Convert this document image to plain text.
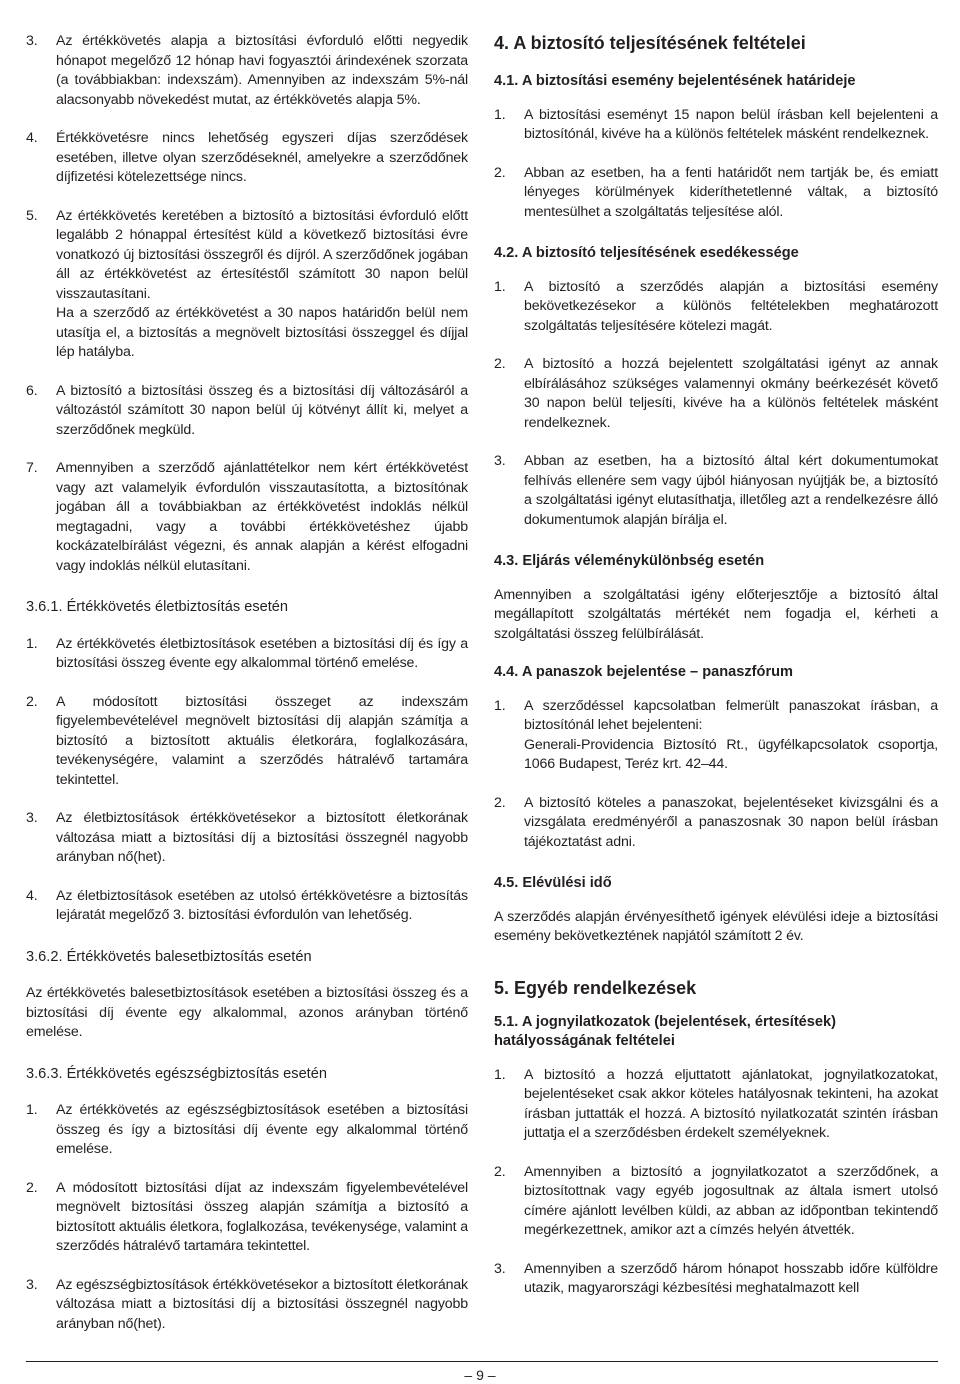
3.	Az értékkövetés alapja a biztosítási évforduló előtti negyedik hónapot megelőző 12 hónap havi fogyasztói árindexének szorzata (a továbbiakban: indexszám). Amennyiben az indexszám 5%-nál alacsonyabb növekedést mutat, az értékkövetés alapja 5%.
4.	Értékkövetésre nincs lehetőség egyszeri díjas szerződések esetében, illetve olyan szerződéseknél, amelyekre a szerződőnek díjfizetési kötelezettsége nincs.
5.	Az értékkövetés keretében a biztosító a biztosítási évforduló előtt legalább 2 hónappal értesítést küld a következő biztosítási évre vonatkozó új biztosítási összegről és díjról. A szerződőnek jogában áll az értékkövetést az értesítéstől számított 30 napon belül visszautasítani.

Ha a szerződő az értékkövetést a 30 napos határidőn belül nem utasítja el, a biztosítás a megnövelt biztosítási összeggel és díjjal lép hatályba.

6.	A biztosító a biztosítási összeg és a biztosítási díj változásáról a változástól számított 30 napon belül új kötvényt állít ki, melyet a szerződőnek megküld.
7.	Amennyiben a szerződő ajánlattételkor nem kért értékkövetést vagy azt valamelyik évfordulón visszautasította, a biztosítónak jogában áll a továbbiakban az értékkövetést indoklás nélkül megtagadni, vagy a további értékkövetéshez újabb kockázatelbírálást végezni, és annak alapján a kérést elfogadni vagy indoklás nélkül elutasítani.

3.6.1. Értékkövetés életbiztosítás esetén

1.	Az értékkövetés életbiztosítások esetében a biztosítási díj és így a biztosítási összeg évente egy alkalommal történő emelése.
2.	A módosított biztosítási összeget az indexszám figyelembevételével megnövelt biztosítási díj alapján számítja a biztosító a biztosított aktuális életkorára, foglalkozására, tevékenységére, valamint a szerződés hátralévő tartamára tekintettel.
3.	Az életbiztosítások értékkövetésekor a biztosított életkorának változása miatt a biztosítási díj a biztosítási összegnél nagyobb arányban nő(het).
4.	Az életbiztosítások esetében az utolsó értékkövetésre a biztosítás lejáratát megelőző 3. biztosítási évfordulón van lehetőség.

3.6.2. Értékkövetés balesetbiztosítás esetén

Az értékkövetés balesetbiztosítások esetében a biztosítási összeg és a biztosítási díj évente egy alkalommal, azonos arányban történő emelése.

3.6.3. Értékkövetés egészségbiztosítás esetén

1.	Az értékkövetés az egészségbiztosítások esetében a biztosítási összeg és így a biztosítási díj évente egy alkalommal történő emelése.
2.	A módosított biztosítási díjat az indexszám figyelembevételével megnövelt biztosítási összeg alapján számítja a biztosító a biztosított aktuális életkora, foglalkozása, tevékenysége, valamint a szerződés hátralévő tartamára tekintettel.
3.	Az egészségbiztosítások értékkövetésekor a biztosított életkorának változása miatt a biztosítási díj a biztosítási összegnél nagyobb arányban nő(het).

4. A biztosító teljesítésének feltételei

4.1. A biztosítási esemény bejelentésének határideje

1.	A biztosítási eseményt 15 napon belül írásban kell bejelenteni a biztosítónál, kivéve ha a különös feltételek másként rendelkeznek.
2.	Abban az esetben, ha a fenti határidőt nem tartják be, és emiatt lényeges körülmények kideríthetetlenné váltak, a biztosító mentesülhet a szolgáltatás teljesítése alól.

4.2. A biztosító teljesítésének esedékessége

1.	A biztosító a szerződés alapján a biztosítási esemény bekövetkezésekor a különös feltételekben meghatározott szolgáltatás teljesítésére kötelezi magát.
2.	A biztosító a hozzá bejelentett szolgáltatási igényt az annak elbírálásához szükséges valamennyi okmány beérkezését követő 30 napon belül teljesíti, kivéve ha a különös feltételek másként rendelkeznek.
3.	Abban az esetben, ha a biztosító által kért dokumentumokat felhívás ellenére sem vagy újból hiányosan nyújtják be, a biztosító a szolgáltatási igényt elutasíthatja, illetőleg azt a rendelkezésre álló dokumentumok alapján bírálja el.

4.3. Eljárás véleménykülönbség esetén

Amennyiben a szolgáltatási igény előterjesztője a biztosító által megállapított szolgáltatás mértékét nem fogadja el, kérheti a szolgáltatási összeg felülbírálását.

4.4. A panaszok bejelentése – panaszfórum

1.	A szerződéssel kapcsolatban felmerült panaszokat írásban, a biztosítónál lehet bejelenteni:

Generali-Providencia Biztosító Rt., ügyfélkapcsolatok csoportja, 1066 Budapest, Teréz krt. 42–44.

2.	A biztosító köteles a panaszokat, bejelentéseket kivizsgálni és a vizsgálata eredményéről a panaszosnak 30 napon belül írásban tájékoztatást adni.

4.5. Elévülési idő

A szerződés alapján érvényesíthető igények elévülési ideje a biztosítási esemény bekövetkeztének napjától számított 2 év.

5. Egyéb rendelkezések

5.1. A jognyilatkozatok (bejelentések, értesítések) hatályosságának feltételei

1.	A biztosító a hozzá eljuttatott ajánlatokat, jognyilatkozatokat, bejelentéseket csak akkor köteles hatályosnak tekinteni, ha azokat írásban juttatták el hozzá. A biztosító nyilatkozatát szintén írásban juttatja el a szerződésben érdekelt személyeknek.
2.	Amennyiben a biztosító a jognyilatkozatot a szerződőnek, a biztosítottnak vagy egyéb jogosultnak az általa ismert utolsó címére ajánlott levélben küldi, az abban az időpontban tekintendő megérkezettnek, amikor azt a címzés helyén átvették.
3.	Amennyiben a szerződő három hónapot hosszabb időre külföldre utazik, magyarországi kézbesítési meghatalmazott kell
– 9 –
